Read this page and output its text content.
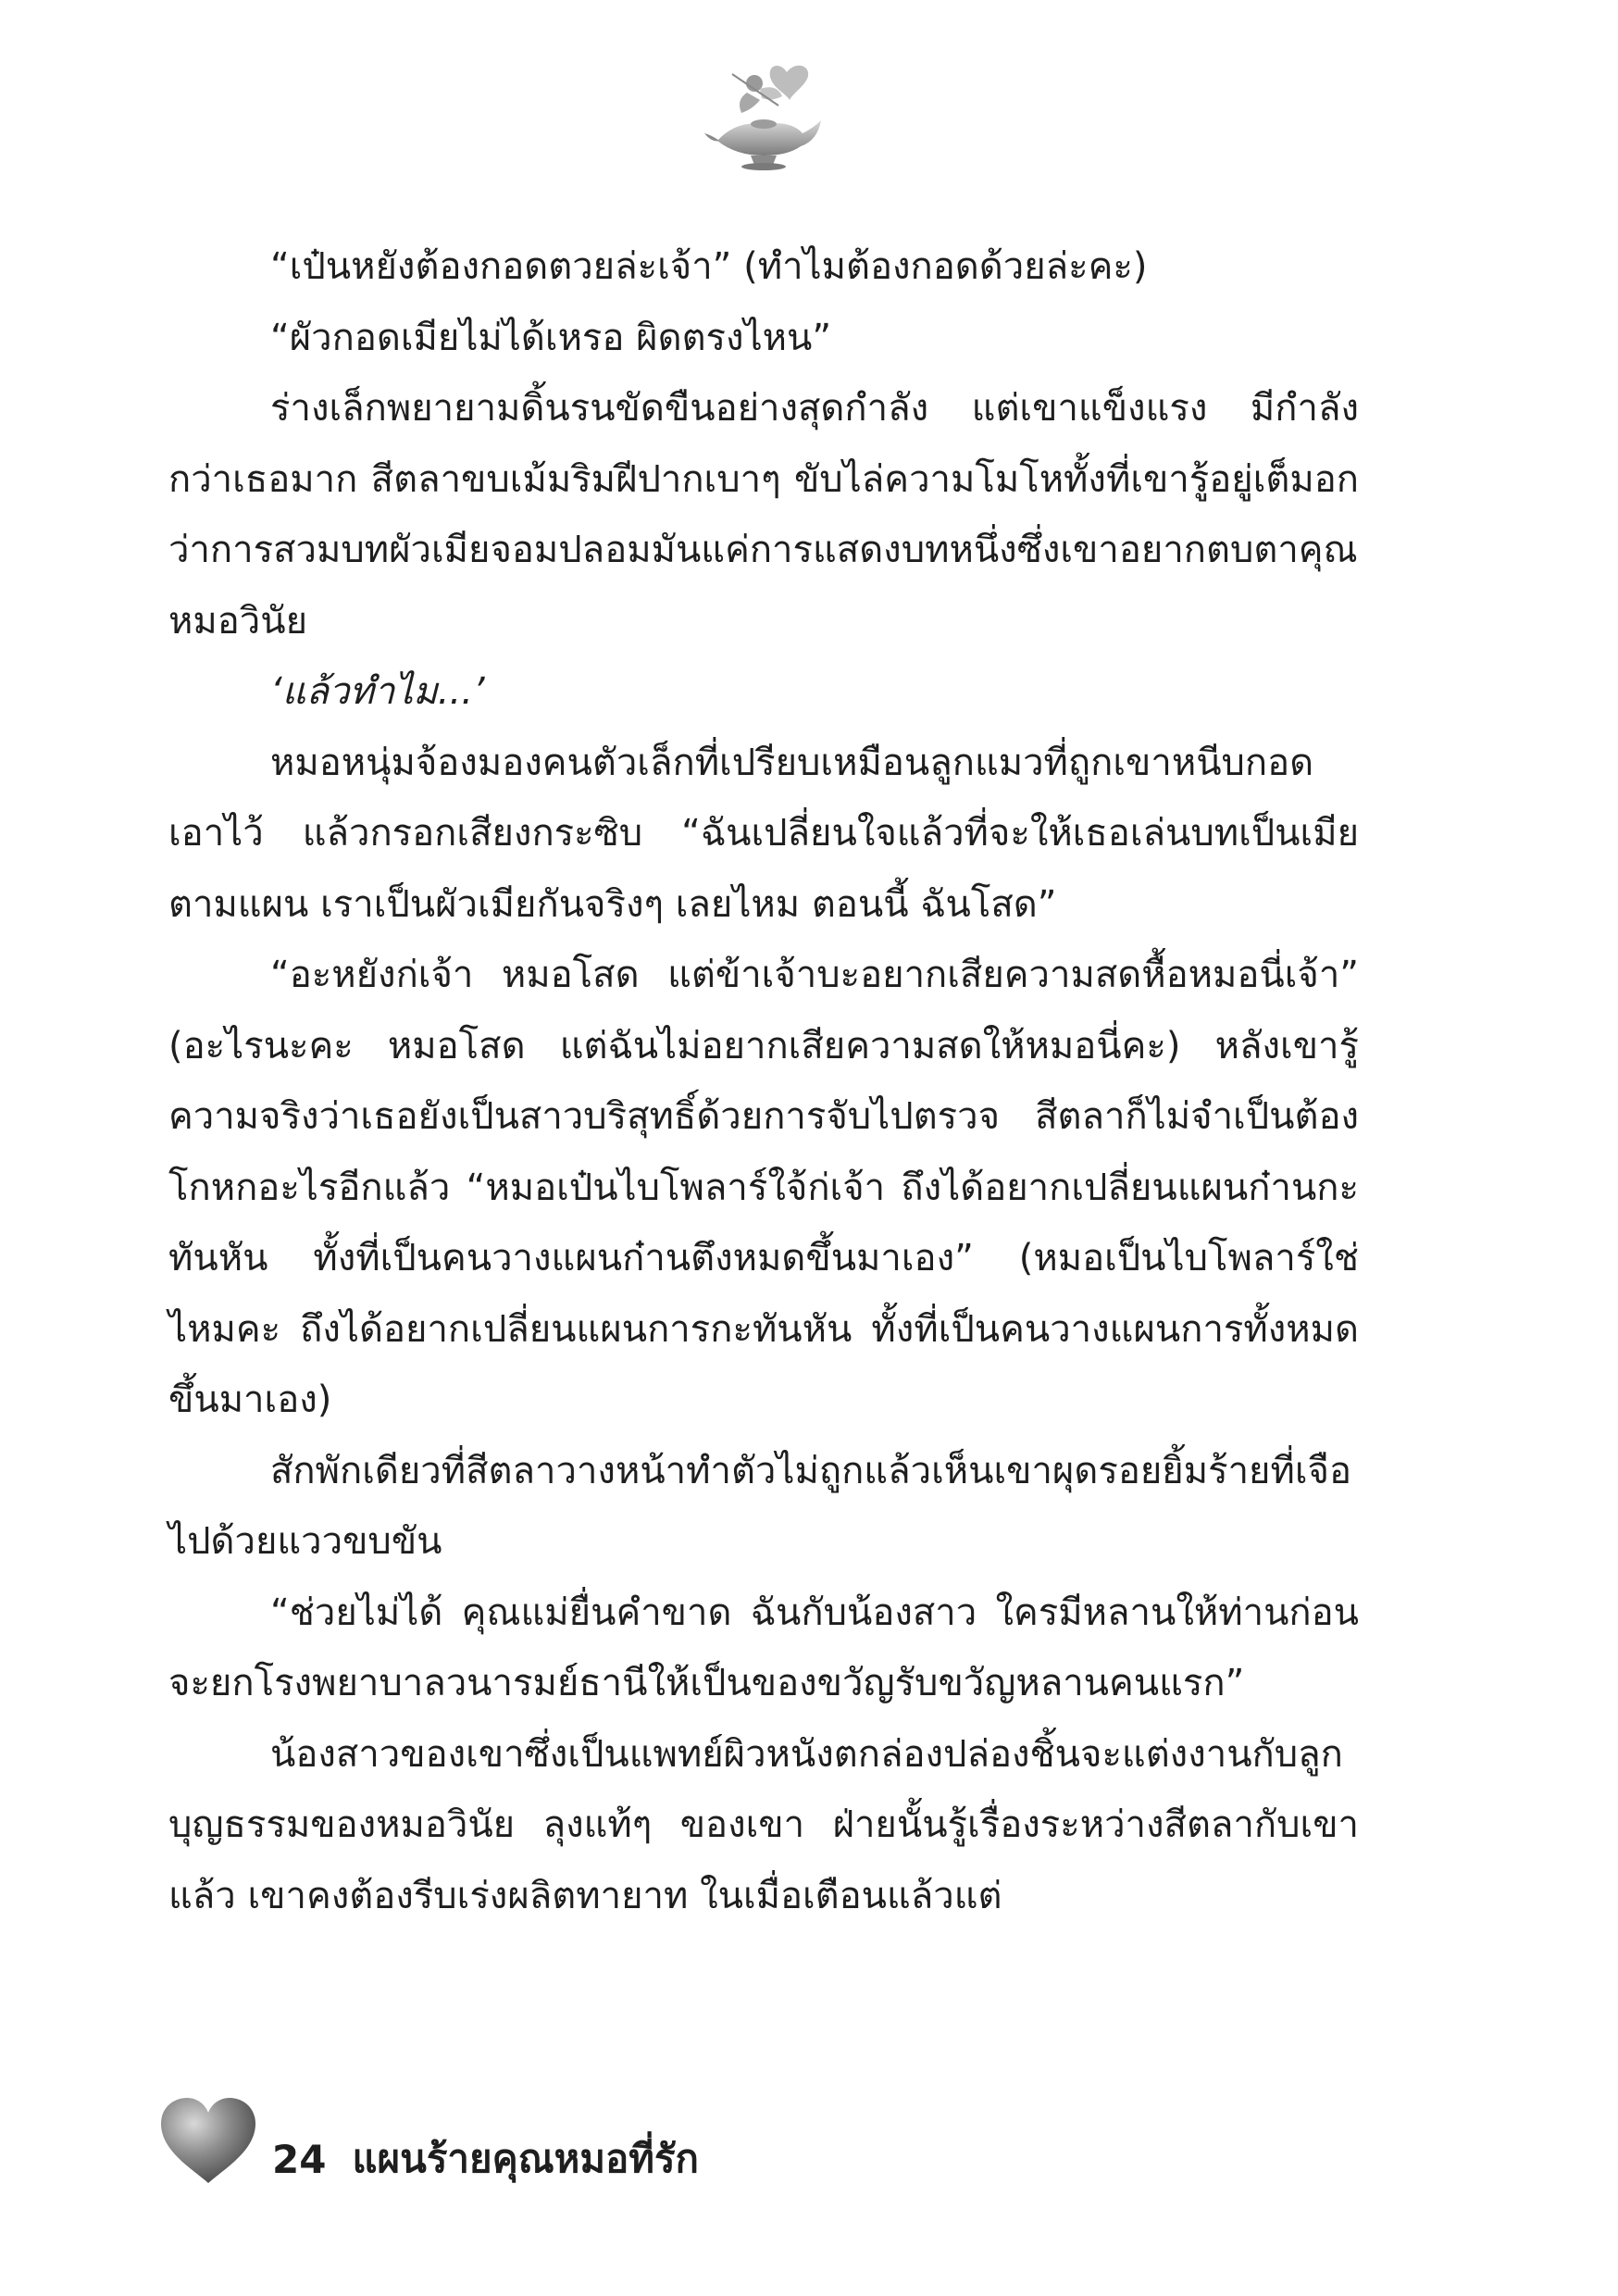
“เป๋นหยังต้องกอดตวยล่ะเจ้า” (ทำไมต้องกอดด้วยล่ะคะ)

“ผัวกอดเมียไม่ได้เหรอ ผิดตรงไหน”

ร่างเล็กพยายามดิ้นรนขัดขืนอย่างสุดกำลัง แต่เขาแข็งแรง มีกำลังกว่าเธอมาก สีตลาขบเม้มริมฝีปากเบาๆ ขับไล่ความโมโหทั้งที่เขารู้อยู่เต็มอกว่าการสวมบทผัวเมียจอมปลอมมันแค่การแสดงบทหนึ่งซึ่งเขาอยากตบตาคุณหมอวินัย

‘แล้วทำไม...’

หมอหนุ่มจ้องมองคนตัวเล็กที่เปรียบเหมือนลูกแมวที่ถูกเขาหนีบกอดเอาไว้ แล้วกรอกเสียงกระซิบ “ฉันเปลี่ยนใจแล้วที่จะให้เธอเล่นบทเป็นเมียตามแผน เราเป็นผัวเมียกันจริงๆ เลยไหม ตอนนี้ ฉันโสด”

“อะหยังก่เจ้า หมอโสด แต่ข้าเจ้าบะอยากเสียความสดหื้อหมอนี่เจ้า” (อะไรนะคะ หมอโสด แต่ฉันไม่อยากเสียความสดให้หมอนี่คะ) หลังเขารู้ความจริงว่าเธอยังเป็นสาวบริสุทธิ์ด้วยการจับไปตรวจ สีตลาก็ไม่จำเป็นต้องโกหกอะไรอีกแล้ว “หมอเป๋นไบโพลาร์ใจ้ก่เจ้า ถึงได้อยากเปลี่ยนแผนก๋านกะทันหัน ทั้งที่เป็นคนวางแผนก๋านตึงหมดขึ้นมาเอง” (หมอเป็นไบโพลาร์ใช่ไหมคะ ถึงได้อยากเปลี่ยนแผนการกะทันหัน ทั้งที่เป็นคนวางแผนการทั้งหมดขึ้นมาเอง)

สักพักเดียวที่สีตลาวางหน้าทำตัวไม่ถูกแล้วเห็นเขาผุดรอยยิ้มร้ายที่เจือไปด้วยแววขบขัน

“ช่วยไม่ได้ คุณแม่ยื่นคำขาด ฉันกับน้องสาว ใครมีหลานให้ท่านก่อนจะยกโรงพยาบาลวนารมย์ธานีให้เป็นของขวัญรับขวัญหลานคนแรก”

น้องสาวของเขาซึ่งเป็นแพทย์ผิวหนังตกล่องปล่องชิ้นจะแต่งงานกับลูกบุญธรรมของหมอวินัย ลุงแท้ๆ ของเขา ฝ่ายนั้นรู้เรื่องระหว่างสีตลากับเขาแล้ว เขาคงต้องรีบเร่งผลิตทายาท ในเมื่อเตือนแล้วแต่

24 แผนร้ายคุณหมอที่รัก
